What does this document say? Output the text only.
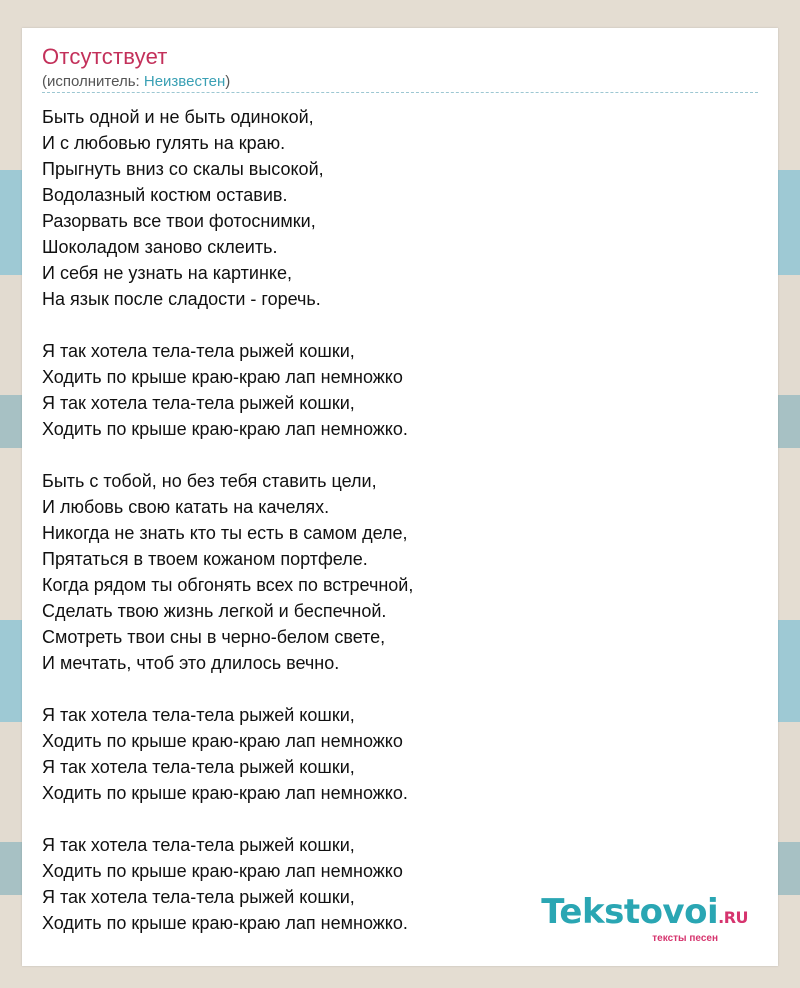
Отсутствует
(исполнитель: Неизвестен)
Быть одной и не быть одинокой,
И с любовью гулять на краю.
Прыгнуть вниз со скалы высокой,
Водолазный костюм оставив.
Разорвать все твои фотоснимки,
Шоколадом заново склеить.
И себя не узнать на картинке,
На язык после сладости - горечь.
Я так хотела тела-тела рыжей кошки,
Ходить по крыше краю-краю лап немножко
Я так хотела тела-тела рыжей кошки,
Ходить по крыше краю-краю лап немножко.
Быть с тобой, но без тебя ставить цели,
И любовь свою катать на качелях.
Никогда не знать кто ты есть в самом деле,
Прятаться в твоем кожаном портфеле.
Когда рядом ты обгонять всех по встречной,
Сделать твою жизнь легкой и беспечной.
Смотреть твои сны в черно-белом свете,
И мечтать, чтоб это длилось вечно.
Я так хотела тела-тела рыжей кошки,
Ходить по крыше краю-краю лап немножко
Я так хотела тела-тела рыжей кошки,
Ходить по крыше краю-краю лап немножко.
Я так хотела тела-тела рыжей кошки,
Ходить по крыше краю-краю лап немножко
Я так хотела тела-тела рыжей кошки,
Ходить по крыше краю-краю лап немножко.	Tekstovoi.RU
тексты песен
